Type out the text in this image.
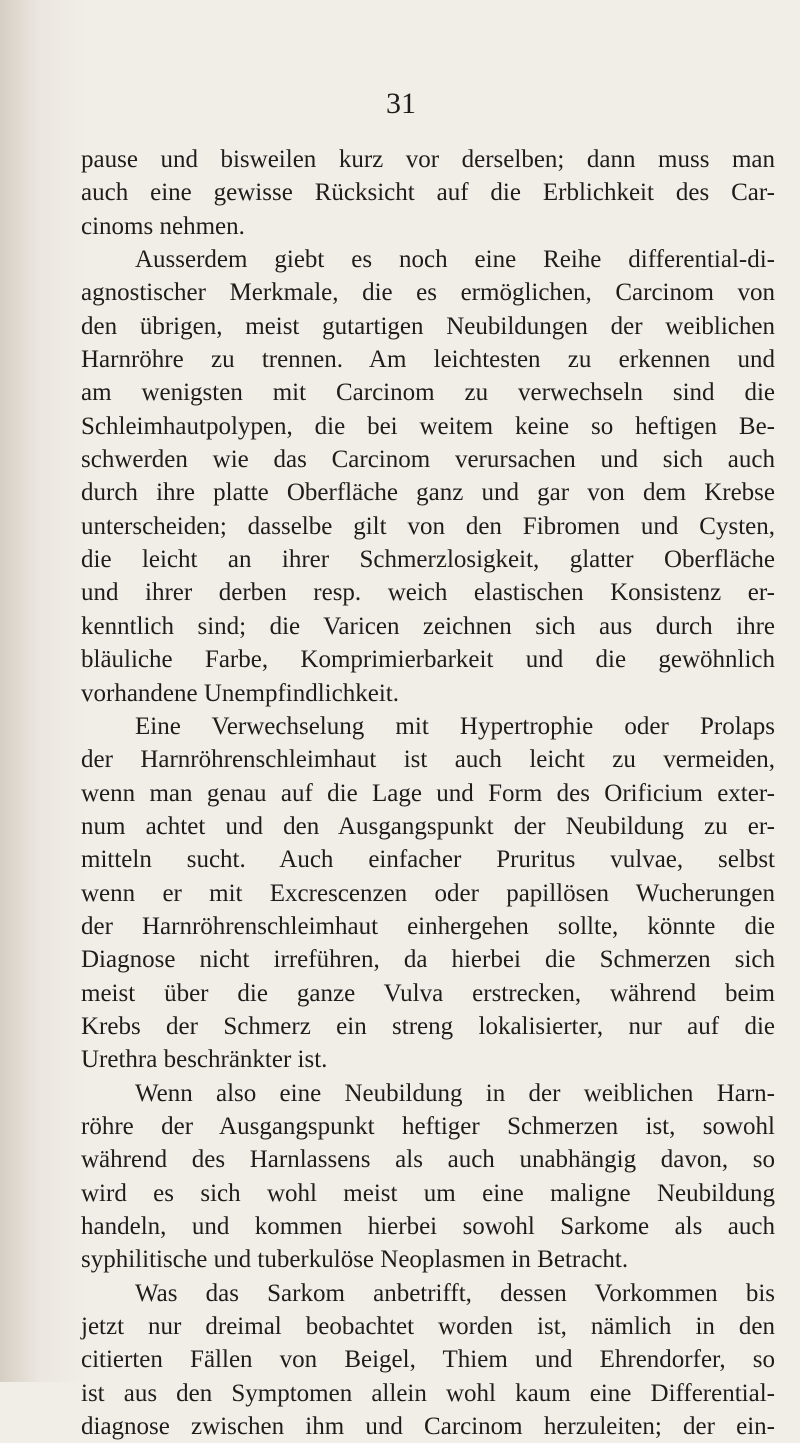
31
pause und bisweilen kurz vor derselben; dann muss man
auch eine gewisse Rücksicht auf die Erblichkeit des Car-
cinoms nehmen.
Ausserdem giebt es noch eine Reihe differential-di-
agnostischer Merkmale, die es ermöglichen, Carcinom von
den übrigen, meist gutartigen Neubildungen der weiblichen
Harnröhre zu trennen. Am leichtesten zu erkennen und
am wenigsten mit Carcinom zu verwechseln sind die
Schleimhautpolypen, die bei weitem keine so heftigen Be-
schwerden wie das Carcinom verursachen und sich auch
durch ihre platte Oberfläche ganz und gar von dem Krebse
unterscheiden; dasselbe gilt von den Fibromen und Cysten,
die leicht an ihrer Schmerzlosigkeit, glatter Oberfläche
und ihrer derben resp. weich elastischen Konsistenz er-
kenntlich sind; die Varicen zeichnen sich aus durch ihre
bläuliche Farbe, Komprimierbarkeit und die gewöhnlich
vorhandene Unempfindlichkeit.
Eine Verwechselung mit Hypertrophie oder Prolaps
der Harnröhrenschleimhaut ist auch leicht zu vermeiden,
wenn man genau auf die Lage und Form des Orificium exter-
num achtet und den Ausgangspunkt der Neubildung zu er-
mitteln sucht. Auch einfacher Pruritus vulvae, selbst
wenn er mit Excrescenzen oder papillösen Wucherungen
der Harnröhrenschleimhaut einhergehen sollte, könnte die
Diagnose nicht irreführen, da hierbei die Schmerzen sich
meist über die ganze Vulva erstrecken, während beim
Krebs der Schmerz ein streng lokalisierter, nur auf die
Urethra beschränkter ist.
Wenn also eine Neubildung in der weiblichen Harn-
röhre der Ausgangspunkt heftiger Schmerzen ist, sowohl
während des Harnlassens als auch unabhängig davon, so
wird es sich wohl meist um eine maligne Neubildung
handeln, und kommen hierbei sowohl Sarkome als auch
syphilitische und tuberkulöse Neoplasmen in Betracht.
Was das Sarkom anbetrifft, dessen Vorkommen bis
jetzt nur dreimal beobachtet worden ist, nämlich in den
citierten Fällen von Beigel, Thiem und Ehrendorfer, so
ist aus den Symptomen allein wohl kaum eine Differential-
diagnose zwischen ihm und Carcinom herzuleiten; der ein-
